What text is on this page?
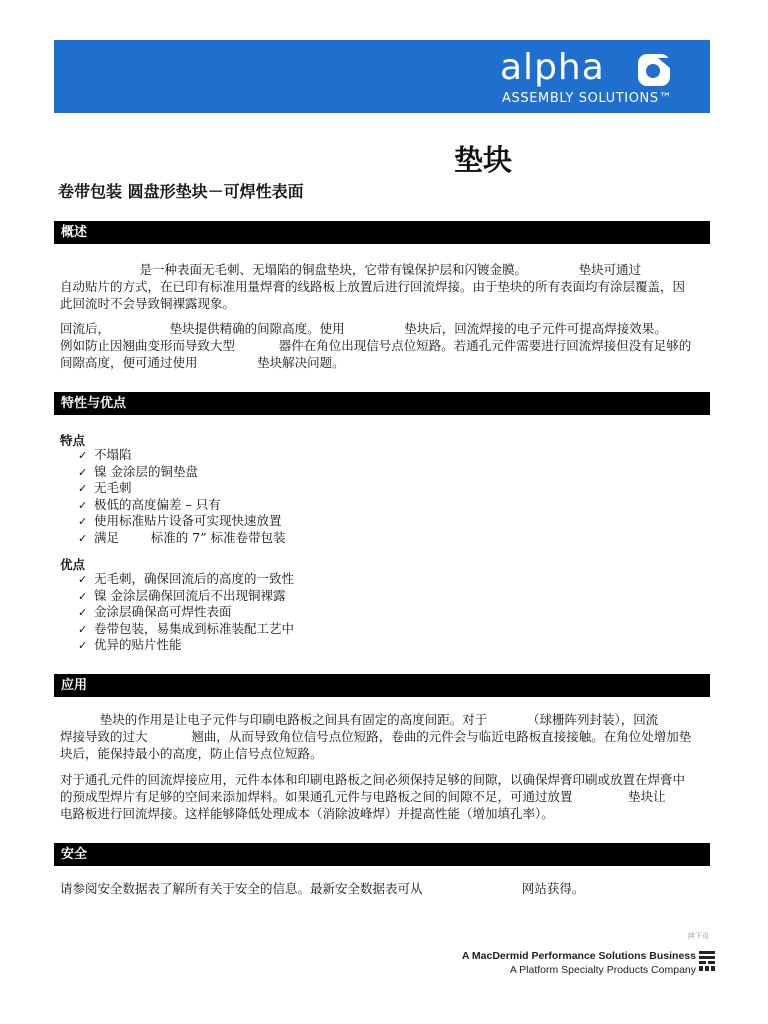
alpha
ASSEMBLY SOLUTIONS™
垫块
卷带包装 圆盘形垫块－可焊性表面
概述
是一种表面无毛刺、无塌陷的铜盘垫块，它带有镍保护层和闪镀金膜。             垫块可通过
自动贴片的方式，在已印有标准用量焊膏的线路板上放置后进行回流焊接。由于垫块的所有表面均有涂层覆盖，因
此回流时不会导致铜裸露现象。
回流后，               垫块提供精确的间隙高度。使用               垫块后，回流焊接的电子元件可提高焊接效果。
例如防止因翘曲变形而导致大型           器件在角位出现信号点位短路。若通孔元件需要进行回流焊接但没有足够的
间隙高度，便可通过使用               垫块解决问题。
特性与优点
特点
✓ 不塌陷
✓ 镍 金涂层的铜垫盘
✓ 无毛刺
✓ 极低的高度偏差 – 只有
✓ 使用标准贴片设备可实现快速放置
✓ 满足        标准的 7” 标准卷带包装
优点
✓ 无毛刺，确保回流后的高度的一致性
✓ 镍 金涂层确保回流后不出现铜裸露
✓ 金涂层确保高可焊性表面
✓ 卷带包装，易集成到标准装配工艺中
✓ 优异的贴片性能
应用
垫块的作用是让电子元件与印刷电路板之间具有固定的高度间距。对于          （球栅阵列封装），回流
焊接导致的过大           翘曲，从而导致角位信号点位短路，卷曲的元件会与临近电路板直接接触。在角位处增加垫
块后，能保持最小的高度，防止信号点位短路。
对于通孔元件的回流焊接应用，元件本体和印刷电路板之间必须保持足够的间隙，以确保焊膏印刷或放置在焊膏中
的预成型焊片有足够的空间来添加焊料。如果通孔元件与电路板之间的间隙不足，可通过放置              垫块让
电路板进行回流焊接。这样能够降低处理成本（消除波峰焊）并提高性能（增加填孔率）。
安全
请参阅安全数据表了解所有关于安全的信息。最新安全数据表可从                         网站获得。
续下页
A MacDermid Performance Solutions Business
A Platform Specialty Products Company
